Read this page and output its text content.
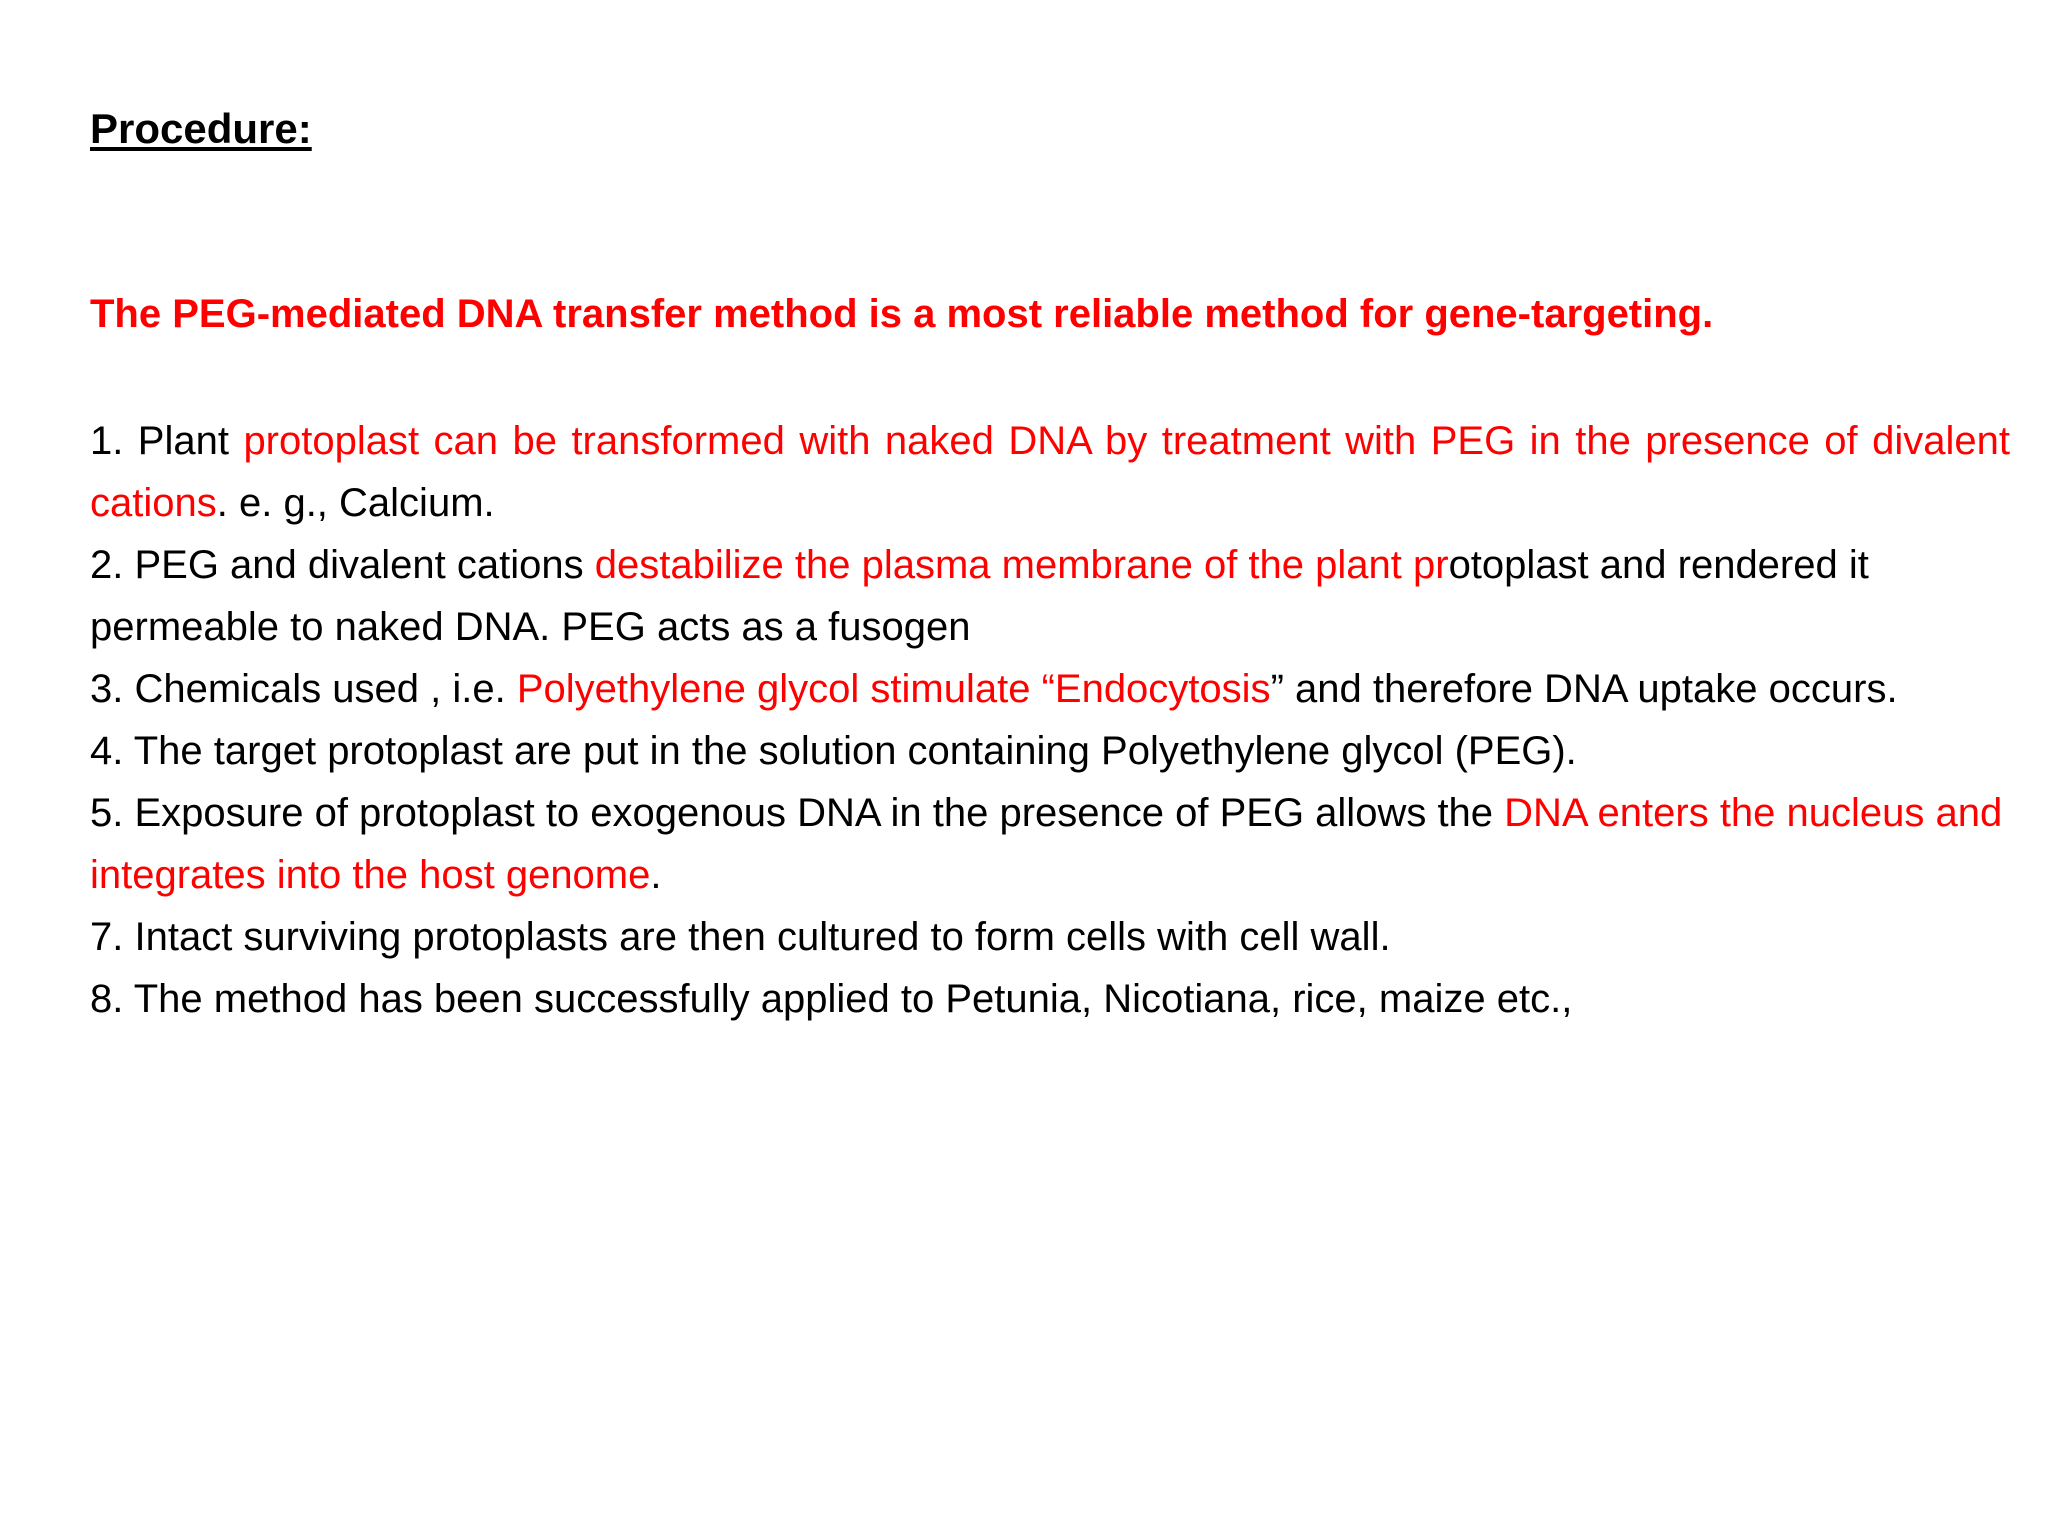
Procedure:
The PEG-mediated DNA transfer method is a most reliable method for gene-targeting.

1. Plant protoplast can be transformed with naked DNA by treatment with PEG in the presence of divalent cations. e. g., Calcium.

2. PEG and divalent cations destabilize the plasma membrane of the plant protoplast and rendered it permeable to naked DNA. PEG acts as a fusogen

3. Chemicals used , i.e. Polyethylene glycol stimulate “Endocytosis” and therefore DNA uptake occurs.

4. The target protoplast are put in the solution containing Polyethylene glycol (PEG).

5. Exposure of protoplast to exogenous DNA in the presence of PEG allows the DNA enters the nucleus and integrates into the host genome.

7. Intact surviving protoplasts are then cultured to form cells with cell wall.

8. The method has been successfully applied to Petunia, Nicotiana, rice, maize etc.,
